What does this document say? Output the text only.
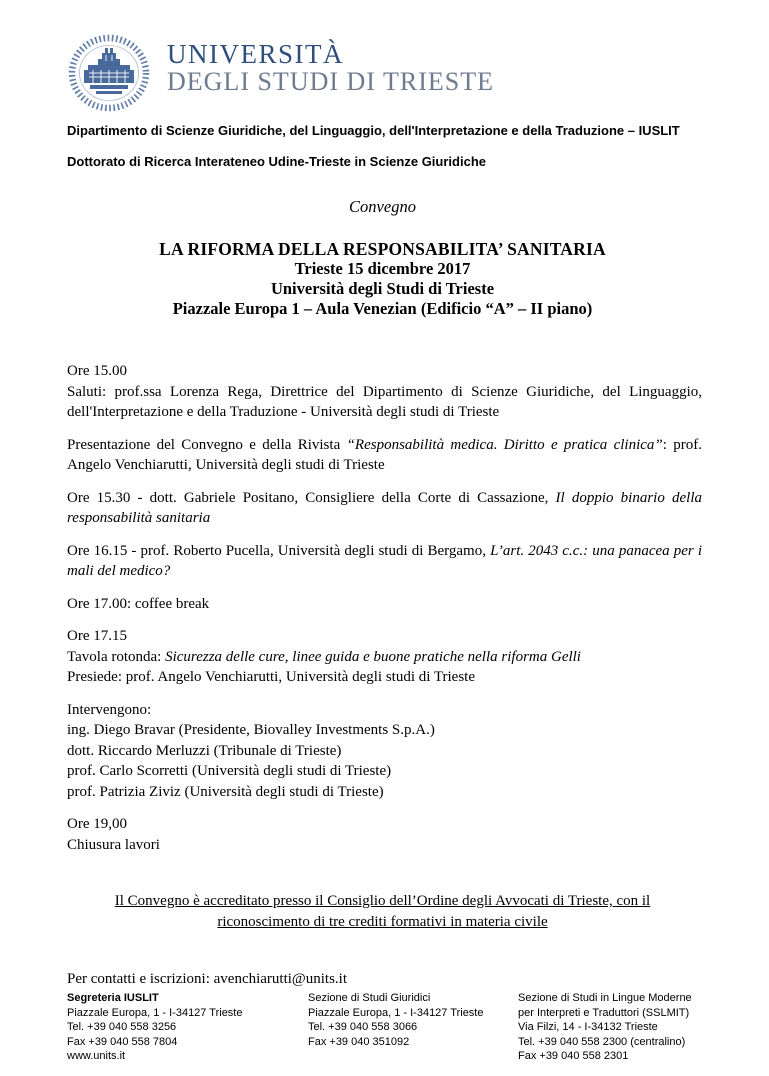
UNIVERSITÀ
DEGLI STUDI DI TRIESTE

Dipartimento di Scienze Giuridiche, del Linguaggio, dell'Interpretazione e della Traduzione – IUSLIT

Dottorato di Ricerca Interateneo Udine-Trieste in Scienze Giuridiche

Convegno
LA RIFORMA DELLA RESPONSABILITA’ SANITARIA
Trieste 15 dicembre 2017
Università degli Studi di Trieste
Piazzale Europa 1 – Aula Venezian (Edificio “A” – II piano)

Ore 15.00
Saluti: prof.ssa Lorenza Rega, Direttrice del Dipartimento di Scienze Giuridiche, del Linguaggio, dell'Interpretazione e della Traduzione - Università degli studi di Trieste

Presentazione del Convegno e della Rivista “Responsabilità medica. Diritto e pratica clinica”: prof. Angelo Venchiarutti, Università degli studi di Trieste

Ore 15.30 - dott. Gabriele Positano, Consigliere della Corte di Cassazione, Il doppio binario della responsabilità sanitaria

Ore 16.15 - prof. Roberto Pucella, Università degli studi di Bergamo, L’art. 2043 c.c.: una panacea per i mali del medico?

Ore 17.00: coffee break

Ore 17.15
Tavola rotonda: Sicurezza delle cure, linee guida e buone pratiche nella riforma Gelli
Presiede: prof. Angelo Venchiarutti, Università degli studi di Trieste

Intervengono:
ing. Diego Bravar (Presidente, Biovalley Investments S.p.A.)
dott. Riccardo Merluzzi (Tribunale di Trieste)
prof. Carlo Scorretti (Università degli studi di Trieste)
prof. Patrizia Ziviz (Università degli studi di Trieste)

Ore 19,00
Chiusura lavori

Il Convegno è accreditato presso il Consiglio dell’Ordine degli Avvocati di Trieste, con il riconoscimento di tre crediti formativi in materia civile

Per contatti e iscrizioni: avenchiarutti@units.it

Segreteria IUSLIT
Piazzale Europa, 1 - I-34127 Trieste
Tel. +39 040 558 3256
Fax +39 040 558 7804
www.units.it
Sezione di Studi Giuridici
Piazzale Europa, 1 - I-34127 Trieste
Tel. +39 040 558 3066
Fax +39 040 351092
Sezione di Studi in Lingue Moderne
per Interpreti e Traduttori (SSLMIT)
Via Filzi, 14 - I-34132 Trieste
Tel. +39 040 558 2300 (centralino)
Fax +39 040 558 2301
